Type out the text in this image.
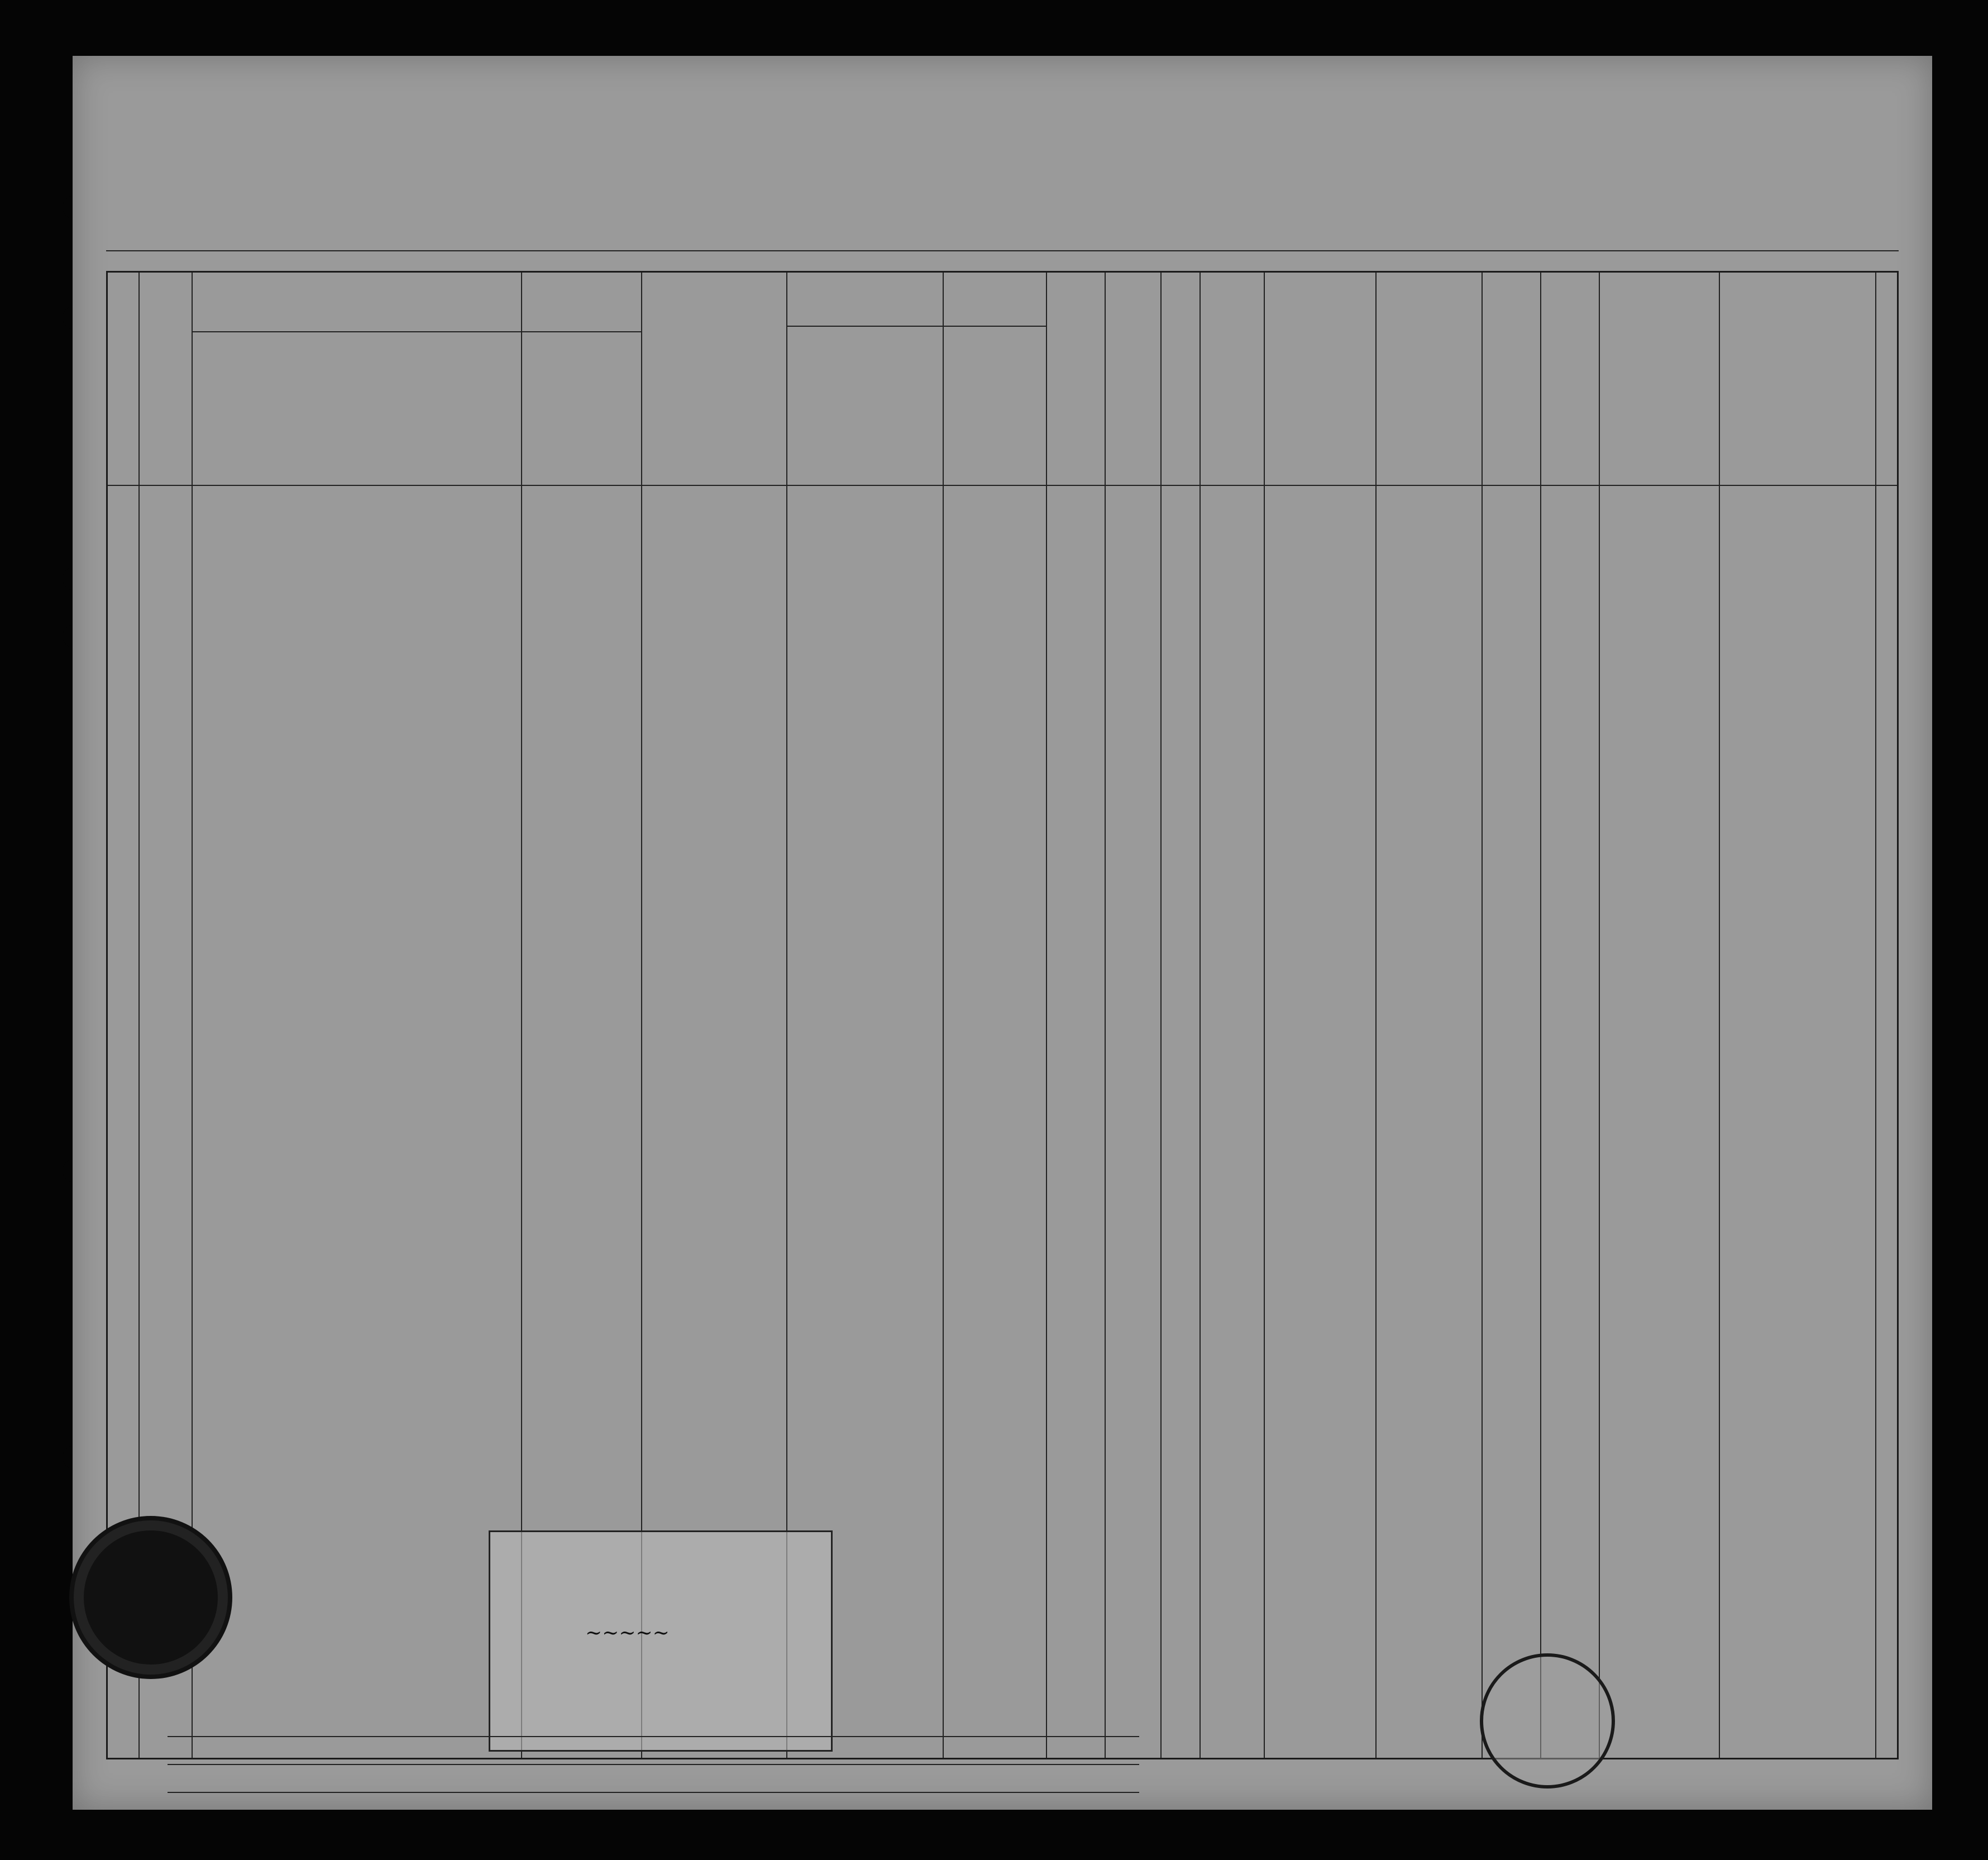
~~~~~
